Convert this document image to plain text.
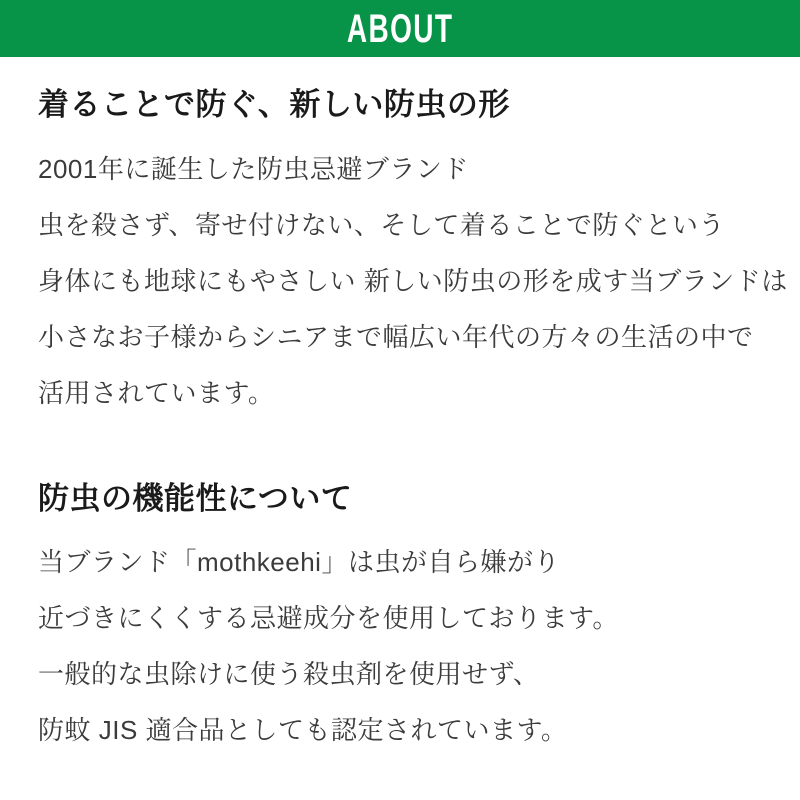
ABOUT
着ることで防ぐ、新しい防虫の形
2001年に誕生した防虫忌避ブランド
虫を殺さず、寄せ付けない、そして着ることで防ぐという
身体にも地球にもやさしい 新しい防虫の形を成す当ブランドは
小さなお子様からシニアまで幅広い年代の方々の生活の中で
活用されています。
防虫の機能性について
当ブランド「mothkeehi」は虫が自ら嫌がり
近づきにくくする忌避成分を使用しております。
一般的な虫除けに使う殺虫剤を使用せず、
防蚊 JIS 適合品としても認定されています。
